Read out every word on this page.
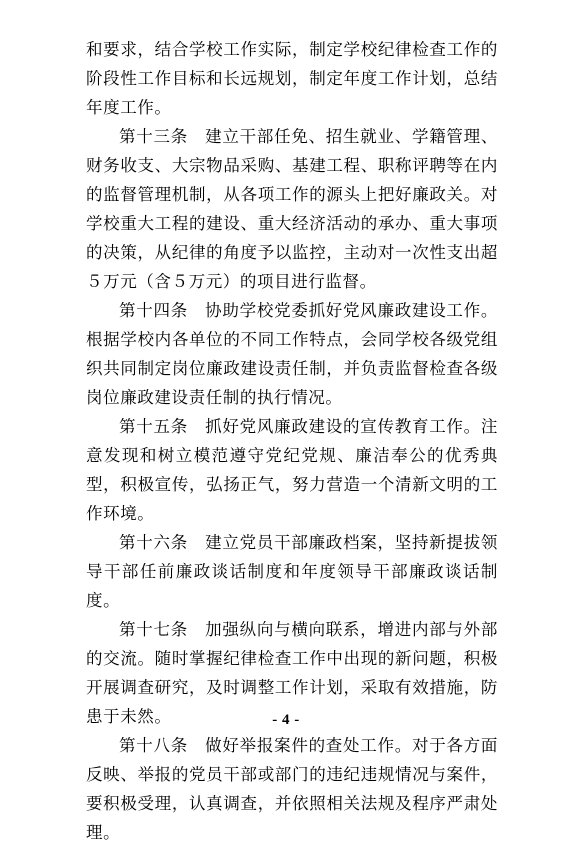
和要求，结合学校工作实际，制定学校纪律检查工作的阶段性工作目标和长远规划，制定年度工作计划，总结年度工作。

第十三条　建立干部任免、招生就业、学籍管理、财务收支、大宗物品采购、基建工程、职称评聘等在内的监督管理机制，从各项工作的源头上把好廉政关。对学校重大工程的建设、重大经济活动的承办、重大事项的决策，从纪律的角度予以监控，主动对一次性支出超５万元（含５万元）的项目进行监督。

第十四条　协助学校党委抓好党风廉政建设工作。根据学校内各单位的不同工作特点，会同学校各级党组织共同制定岗位廉政建设责任制，并负责监督检查各级岗位廉政建设责任制的执行情况。

第十五条　抓好党风廉政建设的宣传教育工作。注意发现和树立模范遵守党纪党规、廉洁奉公的优秀典型，积极宣传，弘扬正气，努力营造一个清新文明的工作环境。

第十六条　建立党员干部廉政档案，坚持新提拔领导干部任前廉政谈话制度和年度领导干部廉政谈话制度。

第十七条　加强纵向与横向联系，增进内部与外部的交流。随时掌握纪律检查工作中出现的新问题，积极开展调查研究，及时调整工作计划，采取有效措施，防患于未然。

第十八条　做好举报案件的查处工作。对于各方面反映、举报的党员干部或部门的违纪违规情况与案件，要积极受理，认真调查，并依照相关法规及程序严肃处理。

- 4 -
